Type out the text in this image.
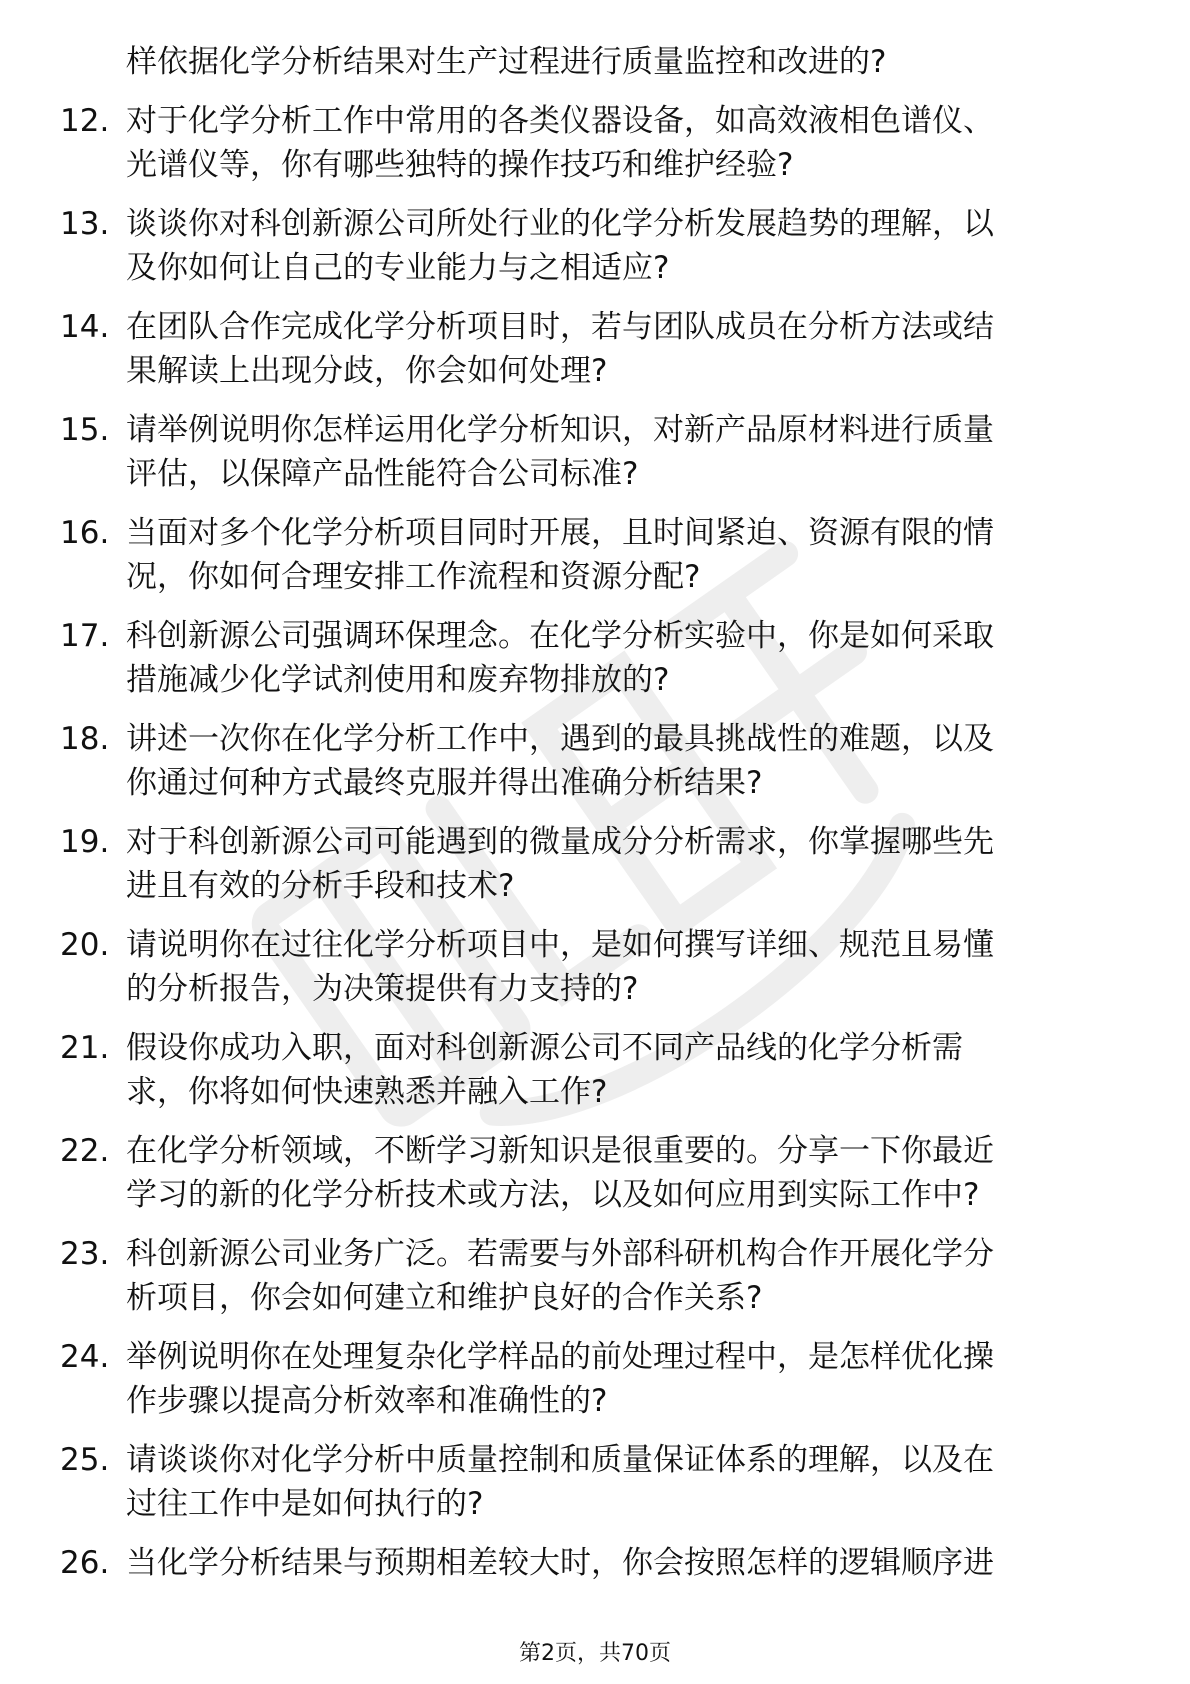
样依据化学分析结果对生产过程进行质量监控和改进的?
12. 对于化学分析工作中常用的各类仪器设备，如高效液相色谱仪、
光谱仪等，你有哪些独特的操作技巧和维护经验?
13. 谈谈你对科创新源公司所处行业的化学分析发展趋势的理解，以
及你如何让自己的专业能力与之相适应?
14. 在团队合作完成化学分析项目时，若与团队成员在分析方法或结
果解读上出现分歧，你会如何处理?
15. 请举例说明你怎样运用化学分析知识，对新产品原材料进行质量
评估，以保障产品性能符合公司标准?
16. 当面对多个化学分析项目同时开展，且时间紧迫、资源有限的情
况，你如何合理安排工作流程和资源分配?
17. 科创新源公司强调环保理念。在化学分析实验中，你是如何采取
措施减少化学试剂使用和废弃物排放的?
18. 讲述一次你在化学分析工作中，遇到的最具挑战性的难题，以及
你通过何种方式最终克服并得出准确分析结果?
19. 对于科创新源公司可能遇到的微量成分分析需求，你掌握哪些先
进且有效的分析手段和技术?
20. 请说明你在过往化学分析项目中，是如何撰写详细、规范且易懂
的分析报告，为决策提供有力支持的?
21. 假设你成功入职，面对科创新源公司不同产品线的化学分析需
求，你将如何快速熟悉并融入工作?
22. 在化学分析领域，不断学习新知识是很重要的。分享一下你最近
学习的新的化学分析技术或方法，以及如何应用到实际工作中?
23. 科创新源公司业务广泛。若需要与外部科研机构合作开展化学分
析项目，你会如何建立和维护良好的合作关系?
24. 举例说明你在处理复杂化学样品的前处理过程中，是怎样优化操
作步骤以提高分析效率和准确性的?
25. 请谈谈你对化学分析中质量控制和质量保证体系的理解，以及在
过往工作中是如何执行的?
26. 当化学分析结果与预期相差较大时，你会按照怎样的逻辑顺序进
第2页，共70页
